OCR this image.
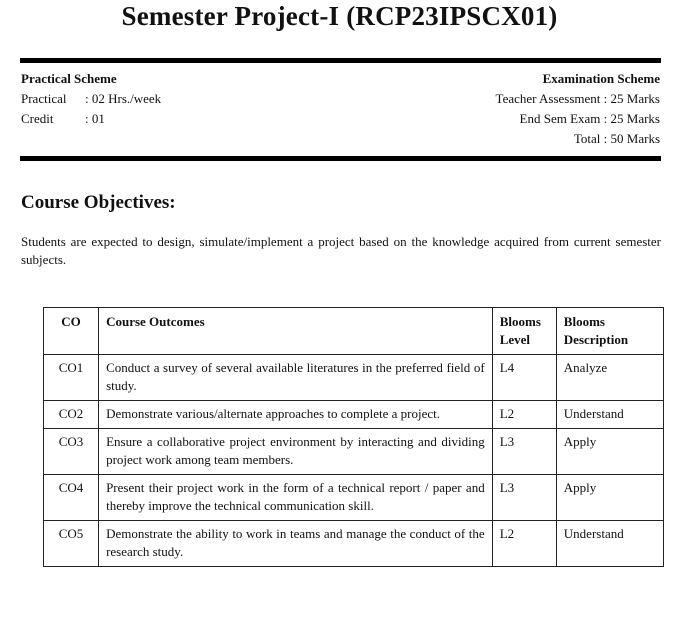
Semester Project-I (RCP23IPSCX01)
Practical Scheme
Practical	: 02 Hrs./week
Credit	: 01
Examination Scheme
Teacher Assessment : 25 Marks
End Sem Exam : 25 Marks
Total : 50 Marks
Course Objectives:
Students are expected to design, simulate/implement a project based on the knowledge acquired from current semester subjects.
CO	Course Outcomes	Blooms Level	Blooms Description
CO1	Conduct a survey of several available literatures in the preferred field of study.	L4	Analyze
CO2	Demonstrate various/alternate approaches to complete a project.	L2	Understand
CO3	Ensure a collaborative project environment by interacting and dividing project work among team members.	L3	Apply
CO4	Present their project work in the form of a technical report / paper and thereby improve the technical communication skill.	L3	Apply
CO5	Demonstrate the ability to work in teams and manage the conduct of the research study.	L2	Understand
